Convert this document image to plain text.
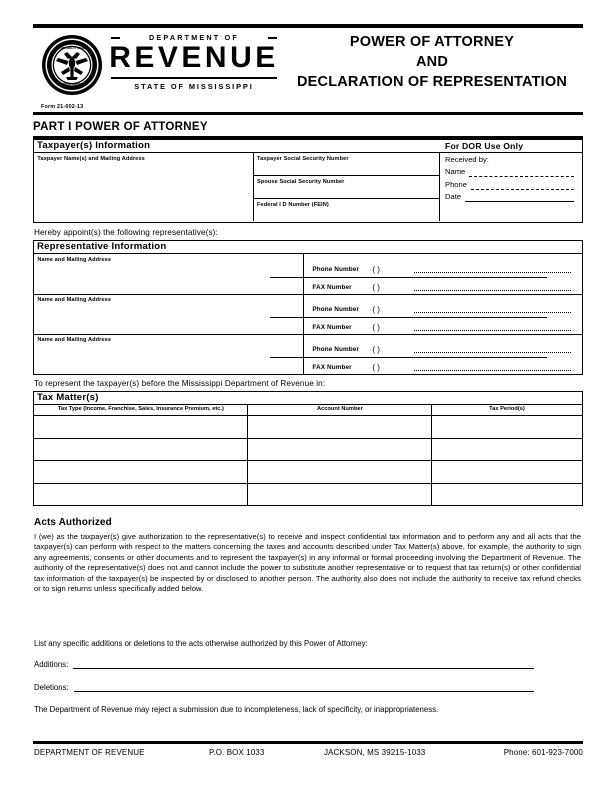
THE GREAT SEAL
MISSISSIPPI
DEPARTMENT OF
REVENUE
STATE OF MISSISSIPPI
POWER OF ATTORNEY
AND
DECLARATION OF REPRESENTATION
Form 21-002-13
PART I POWER OF ATTORNEY
Taxpayer(s) Information
Taxpayer Name(s) and Mailing Address	Taxpayer Social Security Number
Spouse Social Security Number
Federal I D Number (FEIN)
For DOR Use Only
Received by:
Name
Phone
Date
Hereby appoint(s) the following representative(s):
Representative Information
Name and Mailing Address
Phone Number	( )
FAX Number	( )
Name and Mailing Address
Phone Number	( )
FAX Number	( )
Name and Mailing Address
Phone Number	( )
FAX Number	( )
To represent the taxpayer(s) before the Mississippi Department of Revenue in:
Tax Matter(s)
Tax Type (Income, Franchise, Sales, Insurance Premium, etc.)	Account Number	Tax Period(s)
Acts Authorized
I (we) as the taxpayer(s) give authorization to the representative(s) to receive and inspect confidential tax information and to perform any and all acts that the taxpayer(s) can perform with respect to the matters concerning the taxes and accounts described under Tax Matter(s) above, for example, the authority to sign any agreements, consents or other documents and to represent the taxpayer(s) in any informal or formal proceeding involving the Department of Revenue. The authority of the representative(s) does not and cannot include the power to substitute another representative or to request that tax return(s) or other confidential tax information of the taxpayer(s) be inspected by or disclosed to another person. The authority also does not include the authority to receive tax refund checks or to sign returns unless specifically added below.
List any specific additions or deletions to the acts otherwise authorized by this Power of Attorney:
Additions:
Deletions:
The Department of Revenue may reject a submission due to incompleteness, lack of specificity, or inappropriateness.
DEPARTMENT OF REVENUE	P.O. BOX 1033	JACKSON, MS 39215-1033	Phone: 601-923-7000
